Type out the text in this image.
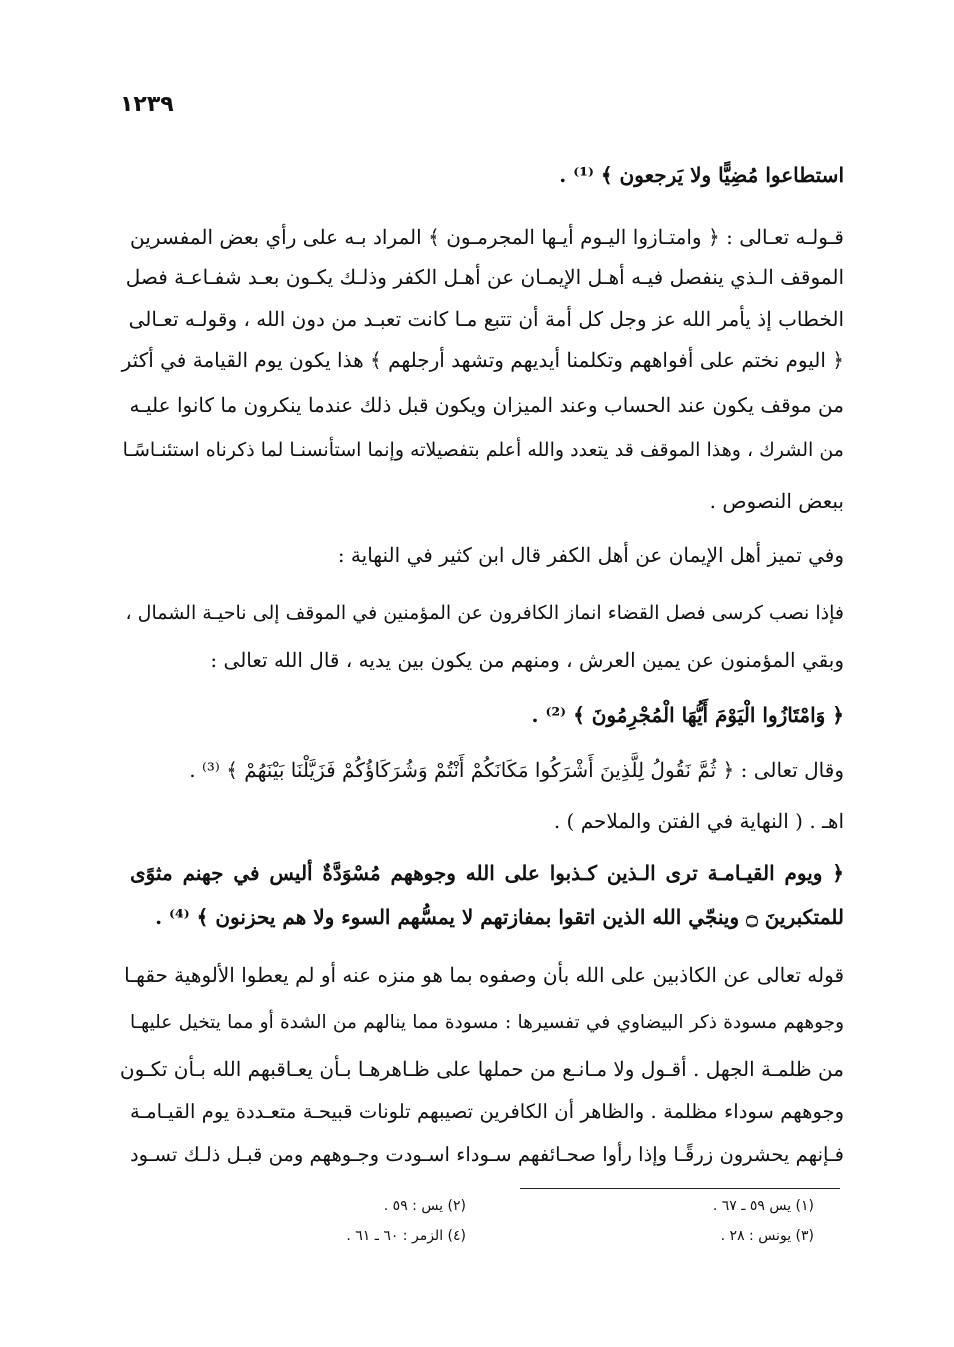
١٢٣٩
استطاعوا مُضِيًّا ولا يَرجعون ﴾ ⁽¹⁾ .
قـولـه تعـالى : ﴿ وامتـازوا اليـوم أيـها المجرمـون ﴾ المراد بـه على رأي بعض المفسرين
الموقف الـذي ينفصل فيـه أهـل الإيمـان عن أهـل الكفر وذلـك يكـون بعـد شفـاعـة فصل
الخطاب إذ يأمر الله عز وجل كل أمة أن تتبع مـا كانت تعبـد من دون الله ، وقولـه تعـالى
﴿ اليوم نختم على أفواههم وتكلمنا أيديهم وتشهد أرجلهم ﴾ هذا يكون يوم القيامة في أكثر
من موقف يكون عند الحساب وعند الميزان ويكون قبل ذلك عندما ينكرون ما كانوا عليـه
من الشرك ، وهذا الموقف قد يتعدد والله أعلم بتفصيلاته وإنما استأنسنـا لما ذكرناه استئنـاسًـا
ببعض النصوص .
وفي تميز أهل الإيمان عن أهل الكفر قال ابن كثير في النهاية :
فإذا نصب كرسى فصل القضاء انماز الكافرون عن المؤمنين في الموقف إلى ناحيـة الشمال ،
وبقي المؤمنون عن يمين العرش ، ومنهم من يكون بين يديه ، قال الله تعالى :
﴿ وَامْتَازُوا الْيَوْمَ أَيُّهَا الْمُجْرِمُونَ ﴾ ⁽²⁾ .
وقال تعالى : ﴿ ثُمَّ نَقُولُ لِلَّذِينَ أَشْرَكُوا مَكَانَكُمْ أَنْتُمْ وَشُرَكَاؤُكُمْ فَزَيَّلْنَا بَيْنَهُمْ ﴾ ⁽³⁾ .
اهـ . ( النهاية في الفتن والملاحم ) .
﴿ ويوم القيـامـة ترى الـذين كـذبوا على الله وجوههم مُسْوَدَّةٌ أليس في جهنم مثوًى
للمتكبرينَ ۝ وينجّي الله الذين اتقوا بمفازتهم لا يمسُّهم السوء ولا هم يحزنون ﴾ ⁽⁴⁾ .
قوله تعالى عن الكاذبين على الله بأن وصفوه بما هو منزه عنه أو لم يعطوا الألوهية حقهـا
وجوههم مسودة ذكر البيضاوي في تفسيرها : مسودة مما ينالهم من الشدة أو مما يتخيل عليهـا
من ظلمـة الجهل . أقـول ولا مـانـع من حملها على ظـاهرهـا بـأن يعـاقبهم الله بـأن تكـون
وجوههم سوداء مظلمة . والظاهر أن الكافرين تصيبهم تلونات قبيحـة متعـددة يوم القيـامـة
فـإنهم يحشرون زرقًـا وإذا رأوا صحـائفهم سـوداء اسـودت وجـوههم ومن قبـل ذلـك تسـود
(١) يس ٥٩ ـ ٦٧ .
(٢) يس : ٥٩ .
(٣) يونس : ٢٨ .
(٤) الزمر : ٦٠ ـ ٦١ .
